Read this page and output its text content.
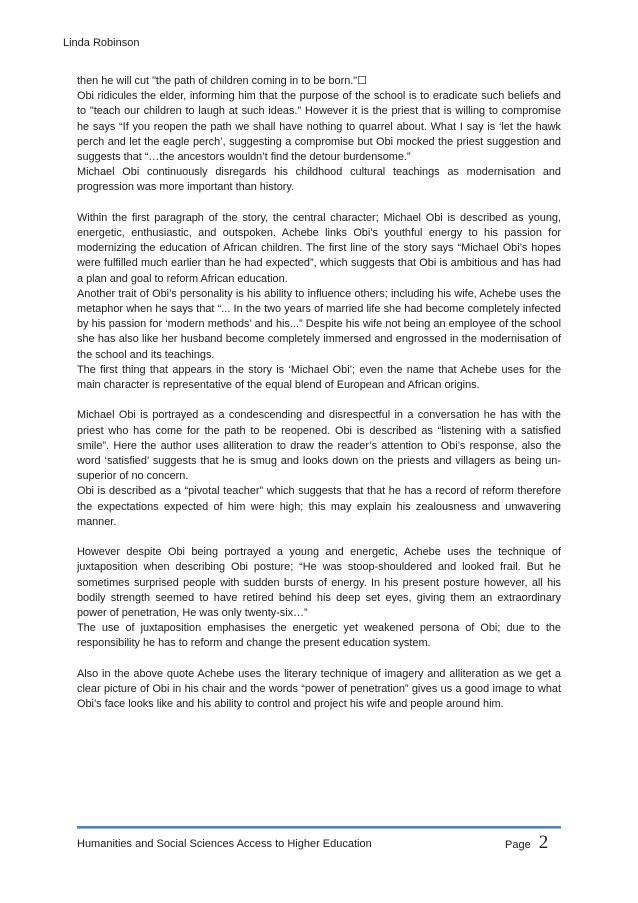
Linda Robinson

then he will cut "the path of children coming in to be born."☐

Obi ridicules the elder, informing him that the purpose of the school is to eradicate such beliefs and to "teach our children to laugh at such ideas." However it is the priest that is willing to compromise he says “If you reopen the path we shall have nothing to quarrel about. What I say is ‘let the hawk perch and let the eagle perch’, suggesting a compromise but Obi mocked the priest suggestion and suggests that “…the ancestors wouldn’t find the detour burdensome.”

Michael Obi continuously disregards his childhood cultural teachings as modernisation and progression was more important than history.

Within the first paragraph of the story, the central character; Michael Obi is described as young, energetic, enthusiastic, and outspoken. Achebe links Obi’s youthful energy to his passion for modernizing the education of African children. The first line of the story says “Michael Obi’s hopes were fulfilled much earlier than he had expected”, which suggests that Obi is ambitious and has had a plan and goal to reform African education.

Another trait of Obi’s personality is his ability to influence others; including his wife, Achebe uses the metaphor when he says that “... In the two years of married life she had become completely infected by his passion for ‘modern methods’ and his...” Despite his wife not being an employee of the school she has also like her husband become completely immersed and engrossed in the modernisation of the school and its teachings.

The first thing that appears in the story is ‘Michael Obi’; even the name that Achebe uses for the main character is representative of the equal blend of European and African origins.

Michael Obi is portrayed as a condescending and disrespectful in a conversation he has with the priest who has come for the path to be reopened. Obi is described as “listening with a satisfied smile”. Here the author uses alliteration to draw the reader’s attention to Obi’s response, also the word ‘satisfied’ suggests that he is smug and looks down on the priests and villagers as being un-superior of no concern.

Obi is described as a “pivotal teacher” which suggests that that he has a record of reform therefore the expectations expected of him were high; this may explain his zealousness and unwavering manner.

However despite Obi being portrayed a young and energetic, Achebe uses the technique of juxtaposition when describing Obi posture; “He was stoop-shouldered and looked frail. But he sometimes surprised people with sudden bursts of energy. In his present posture however, all his bodily strength seemed to have retired behind his deep set eyes, giving them an extraordinary power of penetration, He was only twenty-six…”

The use of juxtaposition emphasises the energetic yet weakened persona of Obi; due to the responsibility he has to reform and change the present education system.

Also in the above quote Achebe uses the literary technique of imagery and alliteration as we get a clear picture of Obi in his chair and the words “power of penetration” gives us a good image to what Obi’s face looks like and his ability to control and project his wife and people around him.

Humanities and Social Sciences Access to Higher Education	Page 2
